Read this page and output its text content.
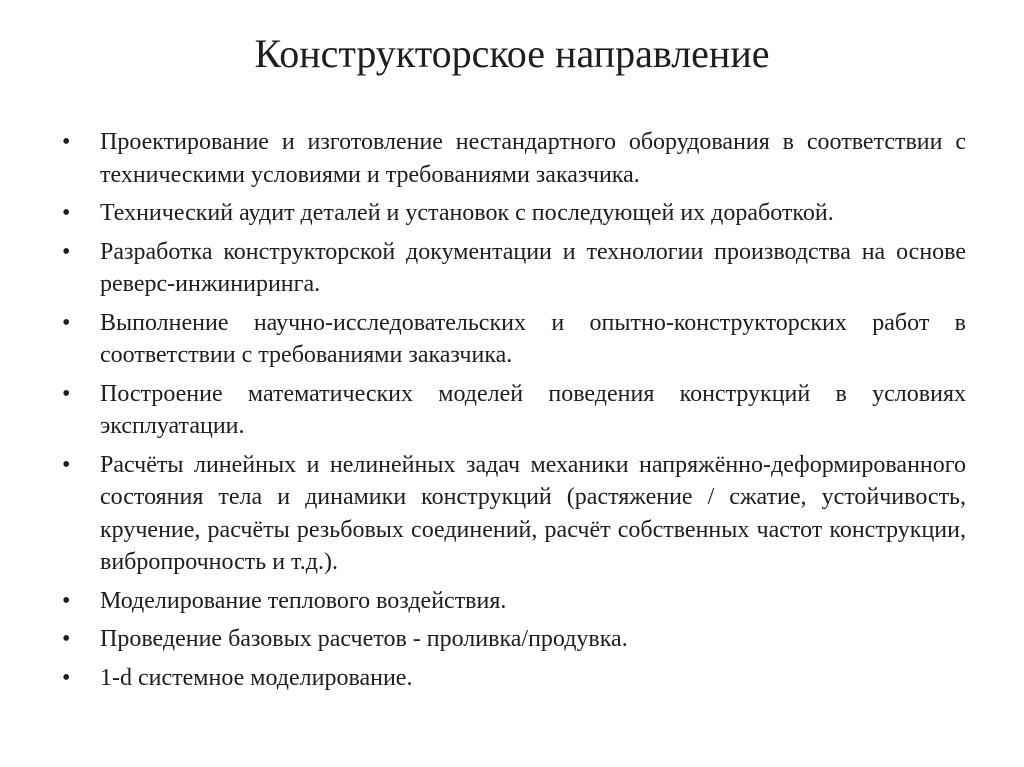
Конструкторское направление
•	Проектирование и изготовление нестандартного оборудования в соответствии с техническими условиями и требованиями заказчика.
•	Технический аудит деталей и установок с последующей их доработкой.
•	Разработка конструкторской документации и технологии производства на основе реверс-инжиниринга.
•	Выполнение научно-исследовательских и опытно-конструкторских работ в соответствии с требованиями заказчика.
•	Построение математических моделей поведения конструкций в условиях эксплуатации.
•	Расчёты линейных и нелинейных задач механики напряжённо-деформированного состояния тела и динамики конструкций (растяжение / сжатие, устойчивость, кручение, расчёты резьбовых соединений, расчёт собственных частот конструкции, вибропрочность и т.д.).
•	Моделирование теплового воздействия.
•	Проведение базовых расчетов - проливка/продувка.
•	1-d системное моделирование.
